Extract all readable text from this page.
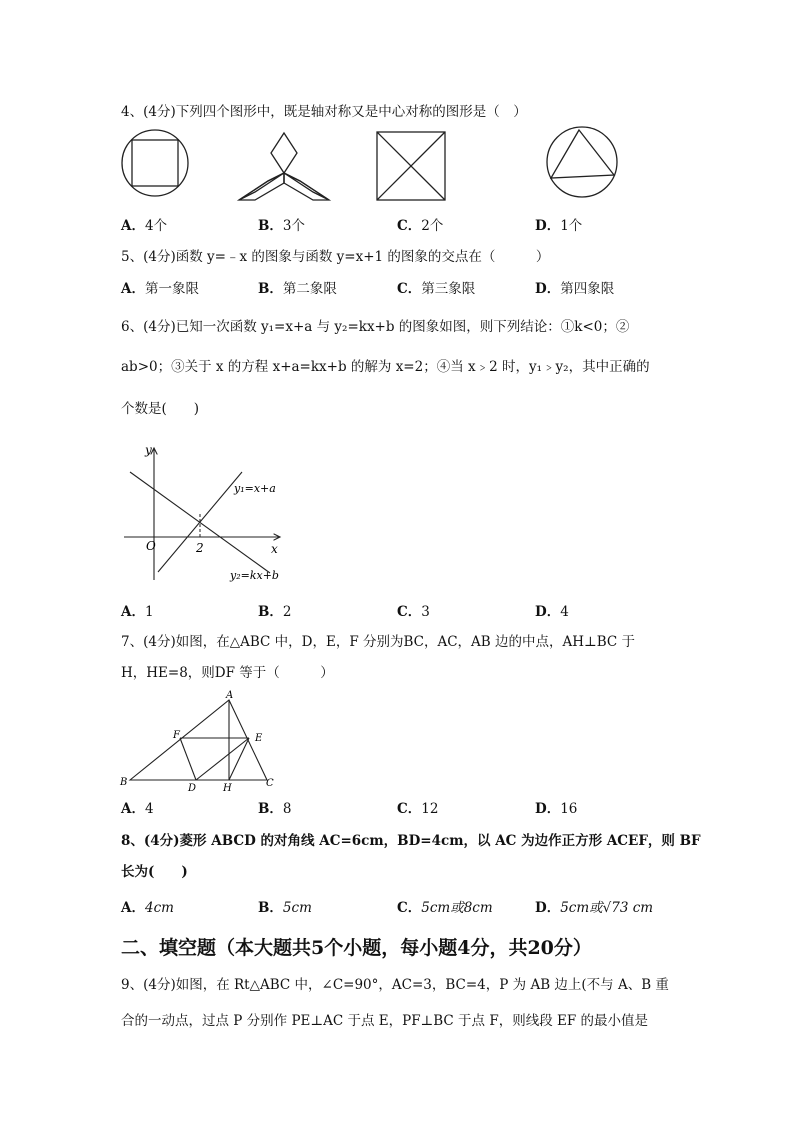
4、(4分)下列四个图形中，既是轴对称又是中心对称的图形是（　）
A．4个	B．3个	C．2个	D．1个
5、(4分)函数 y=﹣x 的图象与函数 y=x+1 的图象的交点在（　　　）
A．第一象限	B．第二象限	C．第三象限	D．第四象限
6、(4分)已知一次函数 y₁=x+a 与 y₂=kx+b 的图象如图，则下列结论：①k<0；②
ab>0；③关于 x 的方程 x+a=kx+b 的解为 x=2；④当 x﹥2 时，y₁﹥y₂，其中正确的
个数是(　　)
y
x
O	2
y₁=x+a
y₂=kx+b
A．1	B．2	C．3	D．4
7、(4分)如图，在△ABC 中，D，E，F 分别为BC，AC，AB 边的中点，AH⊥BC 于
H，HE=8，则DF 等于（　　　）
A
B	C
D
E
F
H
A．4	B．8	C．12	D．16
8、(4分)菱形 ABCD 的对角线 AC=6cm，BD=4cm，以 AC 为边作正方形 ACEF，则 BF
长为(　　)
A．4cm	B．5cm	C．5cm或8cm	D．5cm或√73 cm
二、填空题（本大题共5个小题，每小题4分，共20分）
9、(4分)如图，在 Rt△ABC 中，∠C=90°，AC=3，BC=4，P 为 AB 边上(不与 A、B 重
合的一动点，过点 P 分别作 PE⊥AC 于点 E，PF⊥BC 于点 F，则线段 EF 的最小值是
